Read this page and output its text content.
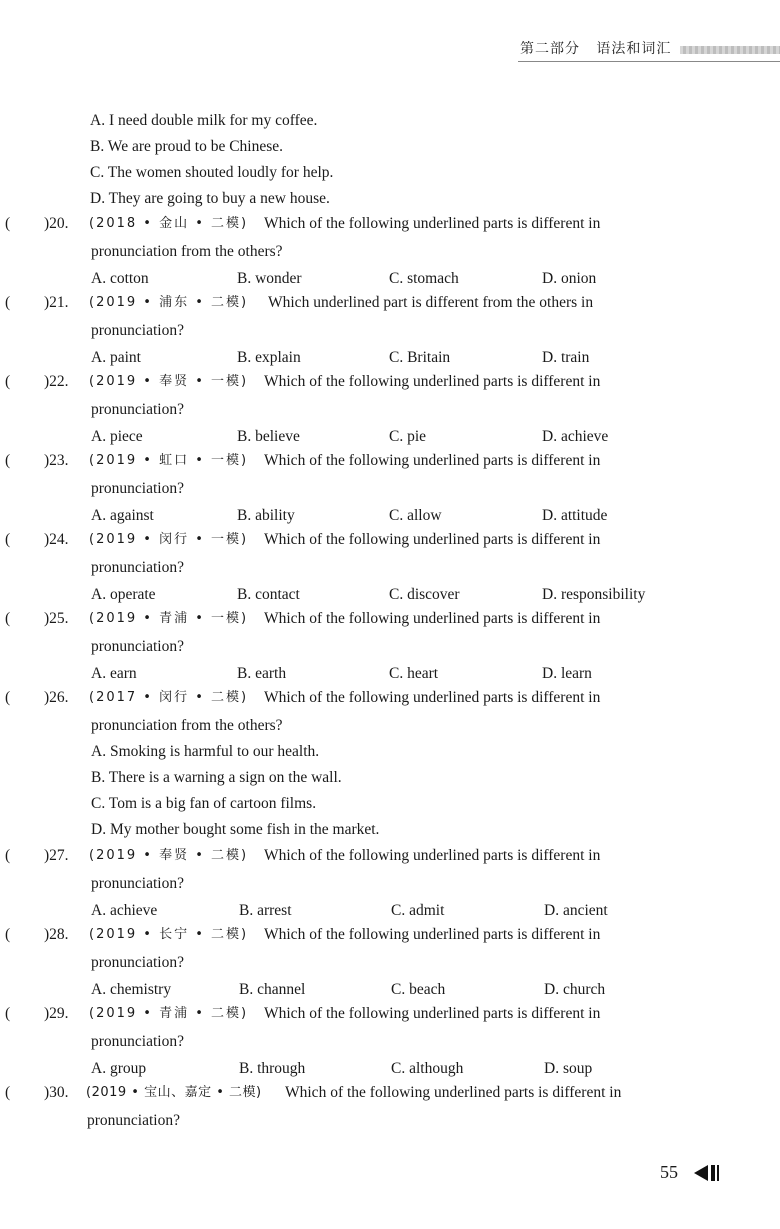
第二部分 语法和词汇
A. I need double milk for my coffee.
B. We are proud to be Chinese.
C. The women shouted loudly for help.
D. They are going to buy a new house.
( )20. (2018 • 金山 • 二模) Which of the following underlined parts is different in
pronunciation from the others?
A. cotton	B. wonder	C. stomach	D. onion
( )21. (2019 • 浦东 • 二模) Which underlined part is different from the others in
pronunciation?
A. paint	B. explain	C. Britain	D. train
( )22. (2019 • 奉贤 • 一模) Which of the following underlined parts is different in
pronunciation?
A. piece	B. believe	C. pie	D. achieve
( )23. (2019 • 虹口 • 一模) Which of the following underlined parts is different in
pronunciation?
A. against	B. ability	C. allow	D. attitude
( )24. (2019 • 闵行 • 一模) Which of the following underlined parts is different in
pronunciation?
A. operate	B. contact	C. discover	D. responsibility
( )25. (2019 • 青浦 • 一模) Which of the following underlined parts is different in
pronunciation?
A. earn	B. earth	C. heart	D. learn
( )26. (2017 • 闵行 • 二模) Which of the following underlined parts is different in
pronunciation from the others?
A. Smoking is harmful to our health.
B. There is a warning a sign on the wall.
C. Tom is a big fan of cartoon films.
D. My mother bought some fish in the market.
( )27. (2019 • 奉贤 • 二模) Which of the following underlined parts is different in
pronunciation?
A. achieve	B. arrest	C. admit	D. ancient
( )28. (2019 • 长宁 • 二模) Which of the following underlined parts is different in
pronunciation?
A. chemistry	B. channel	C. beach	D. church
( )29. (2019 • 青浦 • 二模) Which of the following underlined parts is different in
pronunciation?
A. group	B. through	C. although	D. soup
( )30. (2019 • 宝山、嘉定 • 二模) Which of the following underlined parts is different in
pronunciation?
55
